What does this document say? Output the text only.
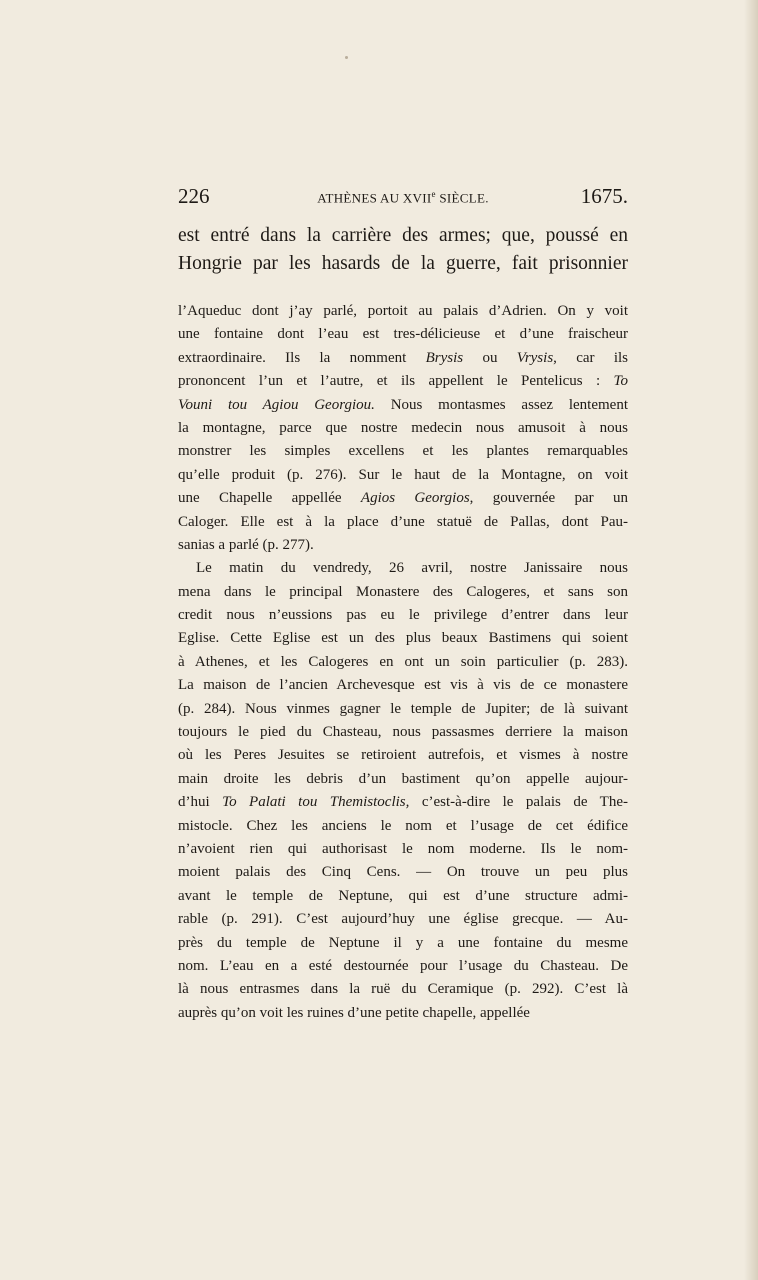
226	ATHÈNES AU XVIIe SIÈCLE.	1675.
est entré dans la carrière des armes; que, poussé en
Hongrie par les hasards de la guerre, fait prisonnier
l’Aqueduc dont j’ay parlé, portoit au palais d’Adrien. On y voit
une fontaine dont l’eau est tres-délicieuse et d’une fraischeur
extraordinaire. Ils la nomment Brysis ou Vrysis, car ils
prononcent l’un et l’autre, et ils appellent le Pentelicus : To
Vouni tou Agiou Georgiou. Nous montasmes assez lentement
la montagne, parce que nostre medecin nous amusoit à nous
monstrer les simples excellens et les plantes remarquables
qu’elle produit (p. 276). Sur le haut de la Montagne, on voit
une Chapelle appellée Agios Georgios, gouvernée par un
Caloger. Elle est à la place d’une statuë de Pallas, dont Pau-
sanias a parlé (p. 277).
Le matin du vendredy, 26 avril, nostre Janissaire nous
mena dans le principal Monastere des Calogeres, et sans son
credit nous n’eussions pas eu le privilege d’entrer dans leur
Eglise. Cette Eglise est un des plus beaux Bastimens qui soient
à Athenes, et les Calogeres en ont un soin particulier (p. 283).
La maison de l’ancien Archevesque est vis à vis de ce monastere
(p. 284). Nous vinmes gagner le temple de Jupiter; de là suivant
toujours le pied du Chasteau, nous passasmes derriere la maison
où les Peres Jesuites se retiroient autrefois, et vismes à nostre
main droite les debris d’un bastiment qu’on appelle aujour-
d’hui To Palati tou Themistoclis, c’est-à-dire le palais de The-
mistocle. Chez les anciens le nom et l’usage de cet édifice
n’avoient rien qui authorisast le nom moderne. Ils le nom-
moient palais des Cinq Cens. — On trouve un peu plus
avant le temple de Neptune, qui est d’une structure admi-
rable (p. 291). C’est aujourd’huy une église grecque. — Au-
près du temple de Neptune il y a une fontaine du mesme
nom. L’eau en a esté destournée pour l’usage du Chasteau. De
là nous entrasmes dans la ruë du Ceramique (p. 292). C’est là
auprès qu’on voit les ruines d’une petite chapelle, appellée
